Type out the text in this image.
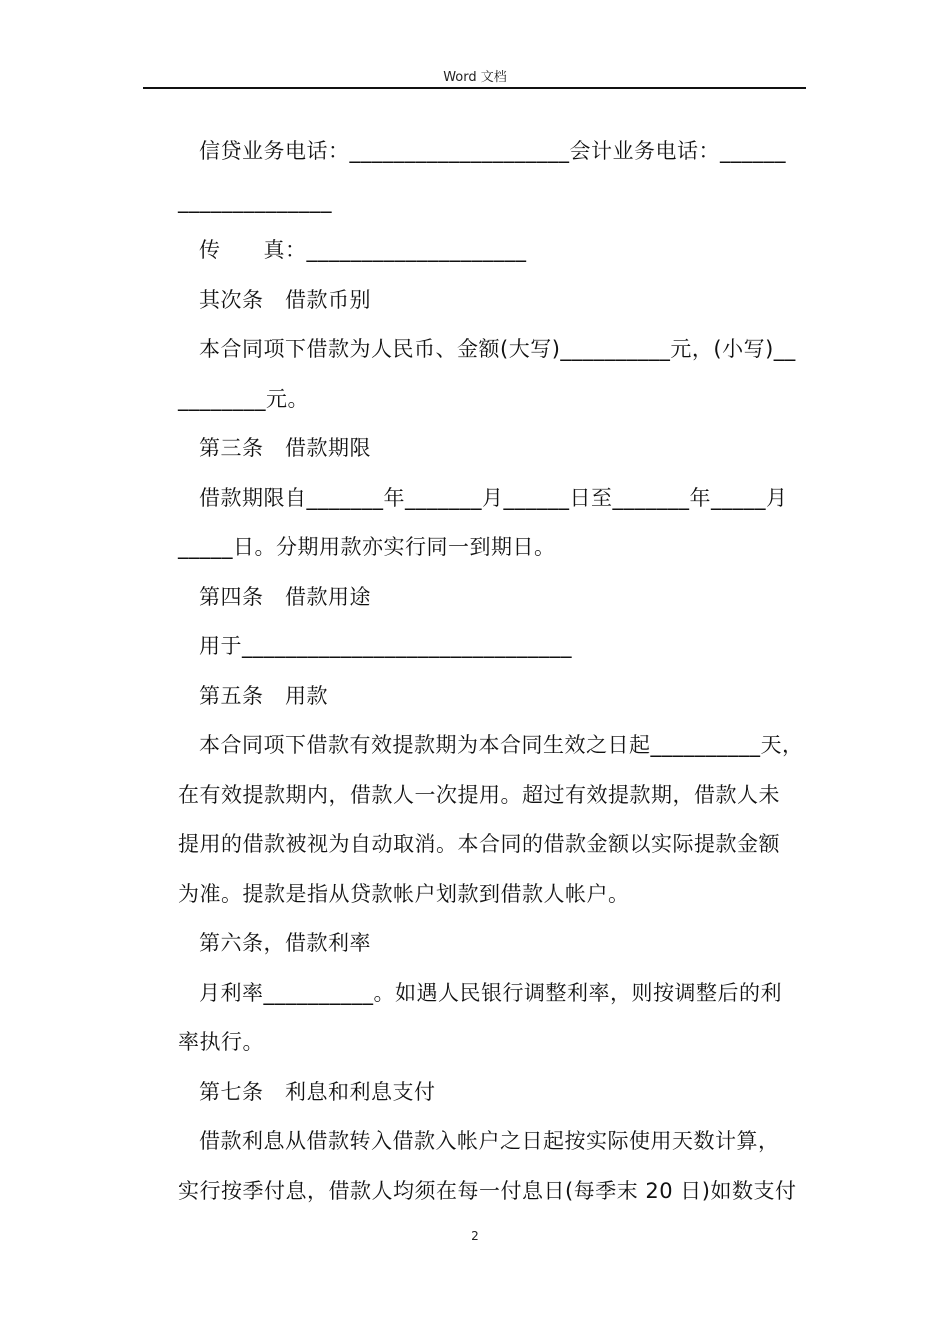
Word 文档
信贷业务电话：____________________会计业务电话：______
______________
传      真：____________________
其次条   借款币别
本合同项下借款为人民币、金额(大写)__________元，(小写)__
________元。
第三条   借款期限
借款期限自_______年_______月______日至_______年_____月
_____日。分期用款亦实行同一到期日。
第四条   借款用途
用于______________________________
第五条   用款
本合同项下借款有效提款期为本合同生效之日起__________天，
在有效提款期内，借款人一次提用。超过有效提款期，借款人未
提用的借款被视为自动取消。本合同的借款金额以实际提款金额
为准。提款是指从贷款帐户划款到借款人帐户。
第六条，借款利率
月利率__________。如遇人民银行调整利率，则按调整后的利
率执行。
第七条   利息和利息支付
借款利息从借款转入借款入帐户之日起按实际使用天数计算，
实行按季付息，借款人均须在每一付息日(每季末 20 日)如数支付
2
